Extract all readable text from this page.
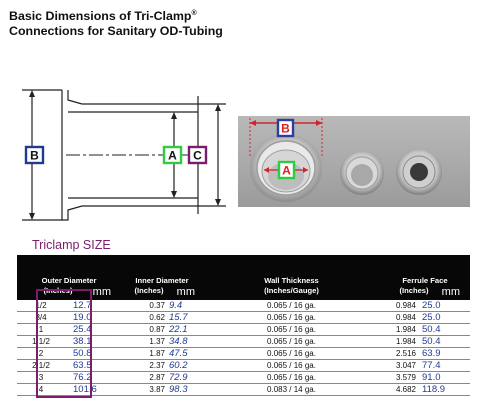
Basic Dimensions of Tri-Clamp®
Connections for Sanitary OD-Tubing
B	A C
B
A
Triclamp SIZE
Outer Diameter
(Inches)	mm
Inner Diameter
(Inches)	mm
Wall Thickness
(Inches/Gauge)
Ferrule Face
(Inches)	mm
1/2	12.7	0.37 9.4	0.065 / 16 ga.	0.984 25.0
3/4	19.0	0.62 15.7	0.065 / 16 ga.	0.984 25.0
1	25.4	0.87 22.1	0.065 / 16 ga.	1.984 50.4
1 1/2	38.1	1.37 34.8	0.065 / 16 ga.	1.984 50.4
2	50.8	1.87 47.5	0.065 / 16 ga.	2.516 63.9
2 1/2	63.5	2.37 60.2	0.065 / 16 ga.	3.047 77.4
3	76.2	2.87 72.9	0.065 / 16 ga.	3.579 91.0
4	101.6	3.87 98.3	0.083 / 14 ga.	4.682 118.9
